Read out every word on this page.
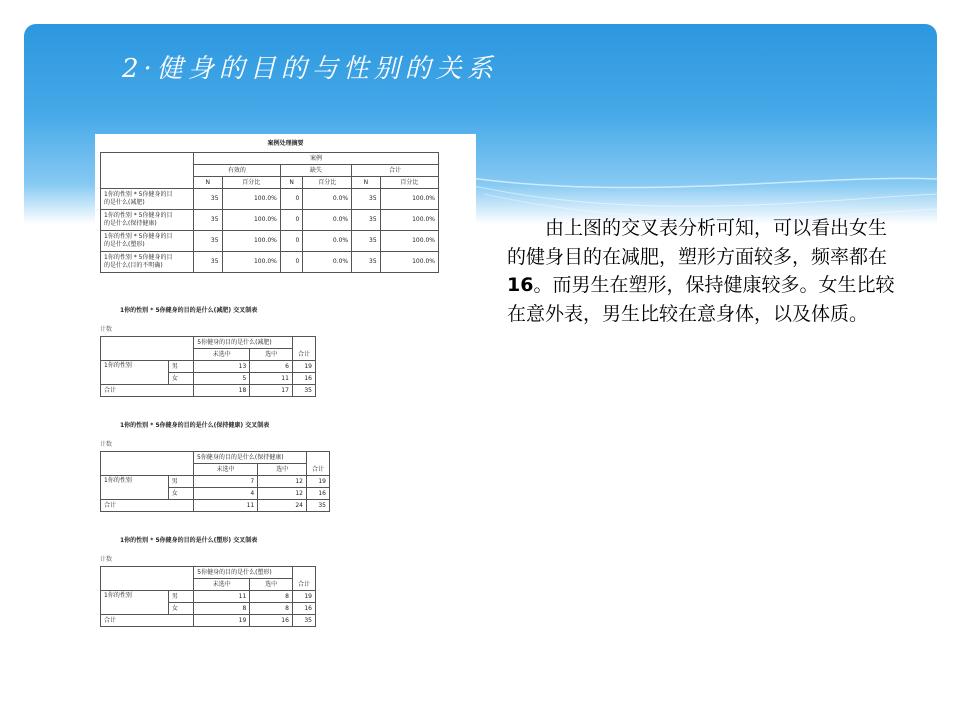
2·健身的目的与性别的关系
由上图的交叉表分析可知，可以看出女生的健身目的在减肥，塑形方面较多，频率都在16。而男生在塑形，保持健康较多。女生比较在意外表，男生比较在意身体，以及体质。
案例处理摘要
	案例					
	有效的		缺失		合计	
	N	百分比	N	百分比	N	百分比
1你的性别 * 5你健身的目
的是什么(减肥)	35	100.0%	0	0.0%	35	100.0%
1你的性别 * 5你健身的目
的是什么(保持健康)	35	100.0%	0	0.0%	35	100.0%
1你的性别 * 5你健身的目
的是什么(塑形)	35	100.0%	0	0.0%	35	100.0%
1你的性别 * 5你健身的目
的是什么(目的不明确)	35	100.0%	0	0.0%	35	100.0%
1你的性别 * 5你健身的目的是什么(减肥) 交叉制表
计数
		5你健身的目的是什么(减肥)		合计
		未选中	选中	
1你的性别	男	13	6	19
	女	5	11	16
合计		18	17	35
1你的性别 * 5你健身的目的是什么(保持健康) 交叉制表
计数
		5你健身的目的是什么(保持健康)		合计
		未选中	选中	
1你的性别	男	7	12	19
	女	4	12	16
合计		11	24	35
1你的性别 * 5你健身的目的是什么(塑形) 交叉制表
计数
		5你健身的目的是什么(塑形)		合计
		未选中	选中	
1你的性别	男	11	8	19
	女	8	8	16
合计		19	16	35
